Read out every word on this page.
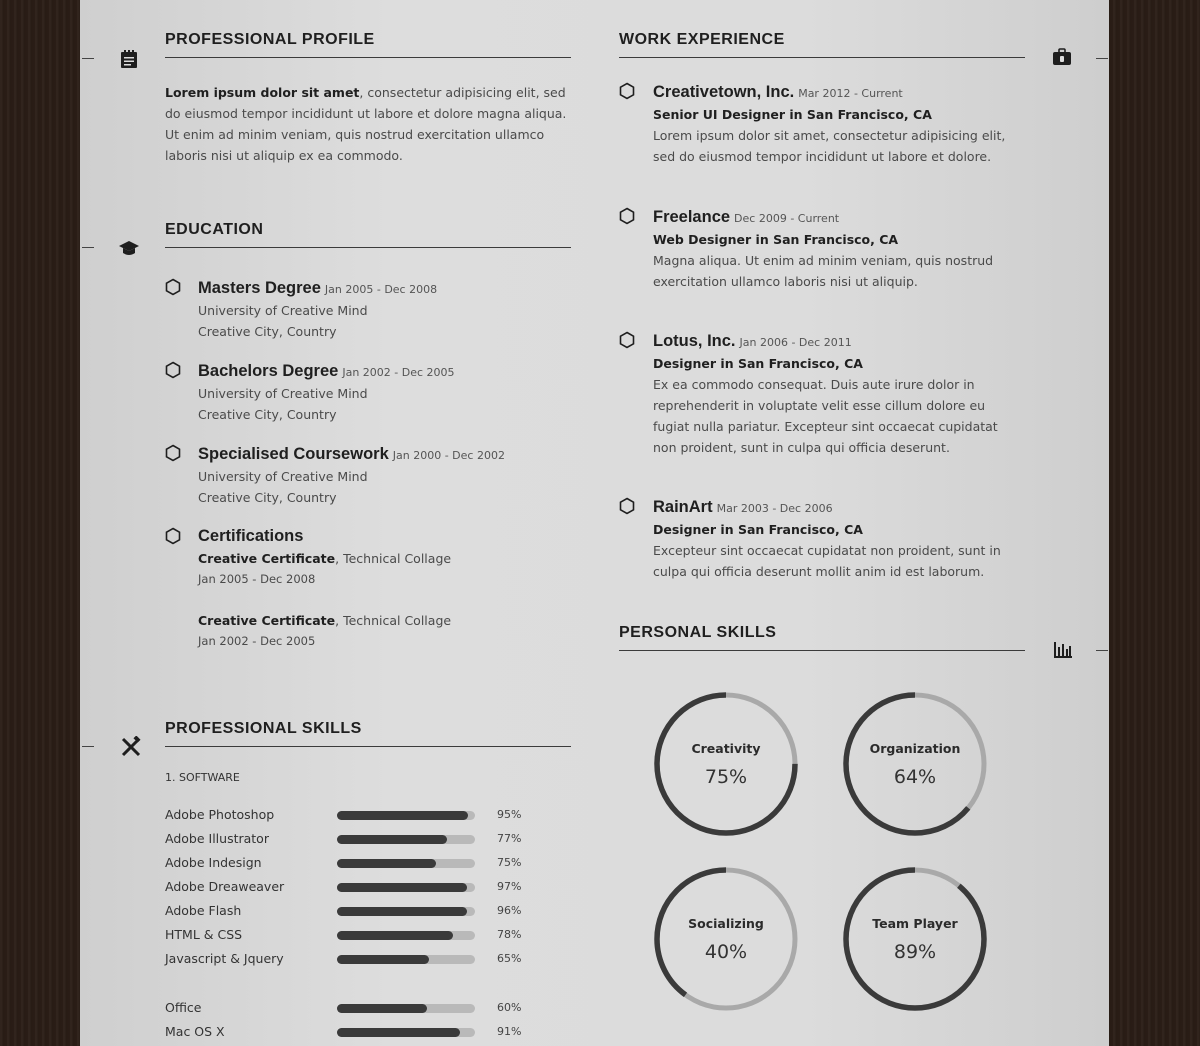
PROFESSIONAL PROFILE
Lorem ipsum dolor sit amet, consectetur adipisicing elit, sed do eiusmod tempor incididunt ut labore et dolore magna aliqua. Ut enim ad minim veniam, quis nostrud exercitation ullamco laboris nisi ut aliquip ex ea commodo.
EDUCATION
Masters Degree Jan 2005 - Dec 2008
University of Creative Mind
Creative City, Country
Bachelors Degree Jan 2002 - Dec 2005
University of Creative Mind
Creative City, Country
Specialised Coursework Jan 2000 - Dec 2002
University of Creative Mind
Creative City, Country
Certifications
Creative Certificate, Technical Collage
Jan 2005 - Dec 2008
Creative Certificate, Technical Collage
Jan 2002 - Dec 2005
PROFESSIONAL SKILLS
1. SOFTWARE
Adobe Photoshop	95%
Adobe Illustrator	77%
Adobe Indesign	75%
Adobe Dreaweaver	97%
Adobe Flash	96%
HTML & CSS	78%
Javascript & Jquery	65%
Office	60%
Mac OS X	91%
WORK EXPERIENCE
Creativetown, Inc. Mar 2012 - Current
Senior UI Designer in San Francisco, CA
Lorem ipsum dolor sit amet, consectetur adipisicing elit, sed do eiusmod tempor incididunt ut labore et dolore.
Freelance Dec 2009 - Current
Web Designer in San Francisco, CA
Magna aliqua. Ut enim ad minim veniam, quis nostrud exercitation ullamco laboris nisi ut aliquip.
Lotus, Inc. Jan 2006 - Dec 2011
Designer in San Francisco, CA
Ex ea commodo consequat. Duis aute irure dolor in reprehenderit in voluptate velit esse cillum dolore eu fugiat nulla pariatur. Excepteur sint occaecat cupidatat non proident, sunt in culpa qui officia deserunt.
RainArt Mar 2003 - Dec 2006
Designer in San Francisco, CA
Excepteur sint occaecat cupidatat non proident, sunt in culpa qui officia deserunt mollit anim id est laborum.
PERSONAL SKILLS
Creativity
75%
Organization
64%
Socializing
40%
Team Player
89%
